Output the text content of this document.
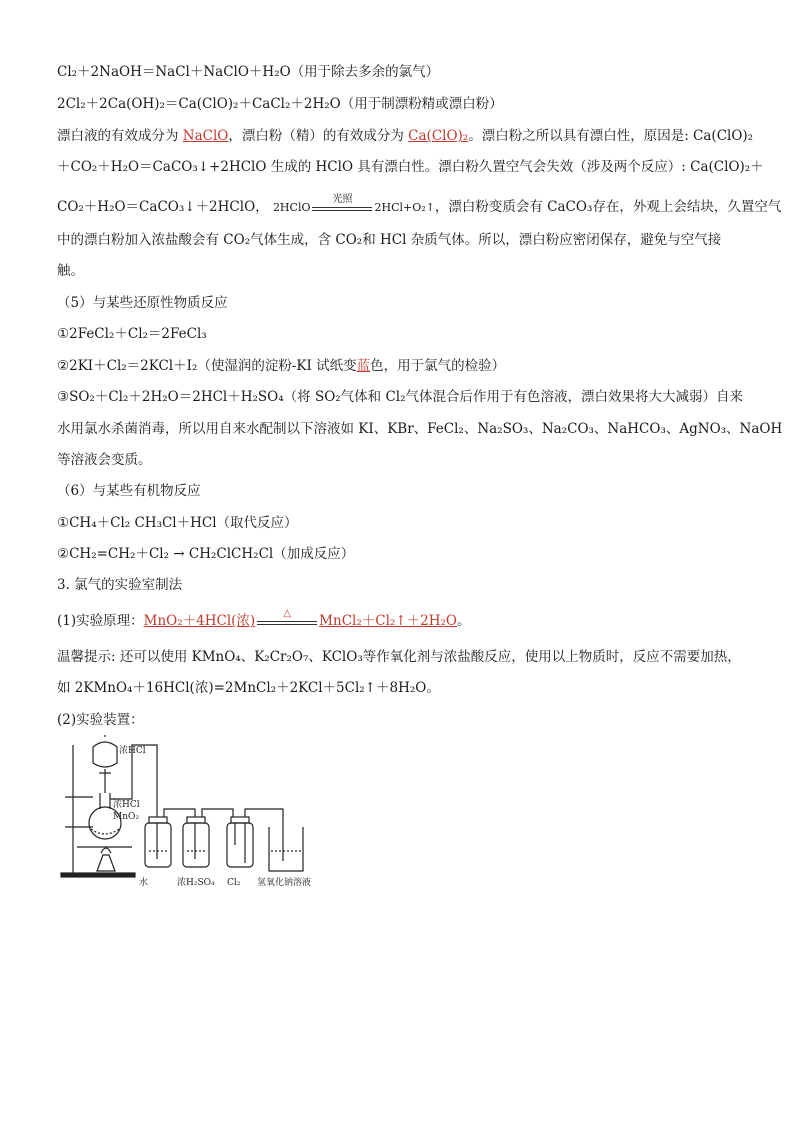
Cl₂＋2NaOH＝NaCl＋NaClO＋H₂O（用于除去多余的氯气）
2Cl₂＋2Ca(OH)₂＝Ca(ClO)₂＋CaCl₂＋2H₂O（用于制漂粉精或漂白粉）
漂白液的有效成分为 NaClO，漂白粉（精）的有效成分为 Ca(ClO)₂。漂白粉之所以具有漂白性，原因是: Ca(ClO)₂
＋CO₂＋H₂O＝CaCO₃↓+2HClO 生成的 HClO 具有漂白性。漂白粉久置空气会失效（涉及两个反应）: Ca(ClO)₂＋
CO₂＋H₂O＝CaCO₃↓＋2HClO， 2HClO
光照
2HCl+O₂↑，漂白粉变质会有 CaCO₃存在，外观上会结块，久置空气
中的漂白粉加入浓盐酸会有 CO₂气体生成，含 CO₂和 HCl 杂质气体。所以，漂白粉应密闭保存，避免与空气接
触。
（5）与某些还原性物质反应
①2FeCl₂＋Cl₂＝2FeCl₃
②2KI＋Cl₂＝2KCl＋I₂（使湿润的淀粉-KI 试纸变蓝色，用于氯气的检验）
③SO₂＋Cl₂＋2H₂O＝2HCl＋H₂SO₄（将 SO₂气体和 Cl₂气体混合后作用于有色溶液，漂白效果将大大减弱）自来
水用氯水杀菌消毒，所以用自来水配制以下溶液如 KI、KBr、FeCl₂、Na₂SO₃、Na₂CO₃、NaHCO₃、AgNO₃、NaOH
等溶液会变质。
（6）与某些有机物反应
①CH₄＋Cl₂ CH₃Cl＋HCl（取代反应）
②CH₂=CH₂＋Cl₂ → CH₂ClCH₂Cl（加成反应）
3. 氯气的实验室制法
(1)实验原理：MnO₂＋4HCl(浓)	△	MnCl₂＋Cl₂↑＋2H₂O。
温馨提示: 还可以使用 KMnO₄、K₂Cr₂O₇、KClO₃等作氧化剂与浓盐酸反应，使用以上物质时，反应不需要加热，
如 2KMnO₄＋16HCl(浓)=2MnCl₂＋2KCl＋5Cl₂↑＋8H₂O。
(2)实验装置：
浓HCl
浓HCl
MnO₂
水	浓H₂SO₄ Cl₂ 氢氧化钠溶液
